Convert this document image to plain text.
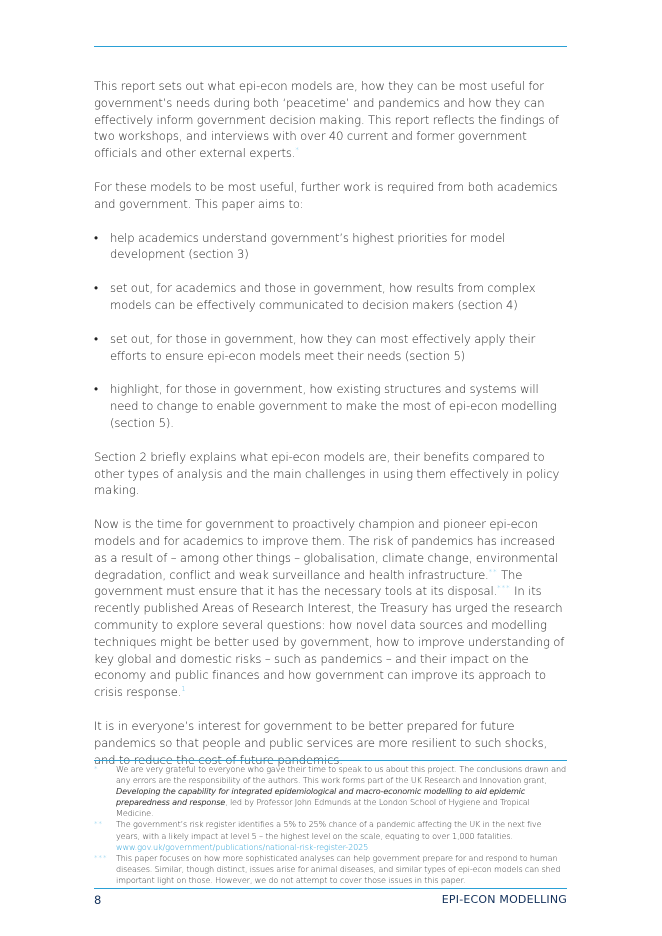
This report sets out what epi-econ models are, how they can be most useful for government’s needs during both ‘peacetime’ and pandemics and how they can effectively inform government decision making. This report reflects the findings of two workshops, and interviews with over 40 current and former government officials and other external experts.*

For these models to be most useful, further work is required from both academics and government. This paper aims to:

• help academics understand government’s highest priorities for model development (section 3)
• set out, for academics and those in government, how results from complex models can be effectively communicated to decision makers (section 4)
• set out, for those in government, how they can most effectively apply their efforts to ensure epi-econ models meet their needs (section 5)
• highlight, for those in government, how existing structures and systems will need to change to enable government to make the most of epi-econ modelling (section 5).

Section 2 briefly explains what epi-econ models are, their benefits compared to other types of analysis and the main challenges in using them effectively in policy making.

Now is the time for government to proactively champion and pioneer epi-econ models and for academics to improve them. The risk of pandemics has increased as a result of – among other things – globalisation, climate change, environmental degradation, conflict and weak surveillance and health infrastructure.** The government must ensure that it has the necessary tools at its disposal.*** In its recently published Areas of Research Interest, the Treasury has urged the research community to explore several questions: how novel data sources and modelling techniques might be better used by government, how to improve understanding of key global and domestic risks – such as pandemics – and their impact on the economy and public finances and how government can improve its approach to crisis response.$^1$

It is in everyone’s interest for government to be better prepared for future pandemics so that people and public services are more resilient to such shocks, and to reduce the cost of future pandemics.

* We are very grateful to everyone who gave their time to speak to us about this project. The conclusions drawn and any errors are the responsibility of the authors. This work forms part of the UK Research and Innovation grant, Developing the capability for integrated epidemiological and macro-economic modelling to aid epidemic preparedness and response, led by Professor John Edmunds at the London School of Hygiene and Tropical Medicine.
** The government’s risk register identifies a 5% to 25% chance of a pandemic affecting the UK in the next five years, with a likely impact at level 5 – the highest level on the scale, equating to over 1,000 fatalities. www.gov.uk/government/publications/national-risk-register-2025
*** This paper focuses on how more sophisticated analyses can help government prepare for and respond to human diseases. Similar, though distinct, issues arise for animal diseases, and similar types of epi-econ models can shed important light on those. However, we do not attempt to cover those issues in this paper.
8	EPI-ECON MODELLING
